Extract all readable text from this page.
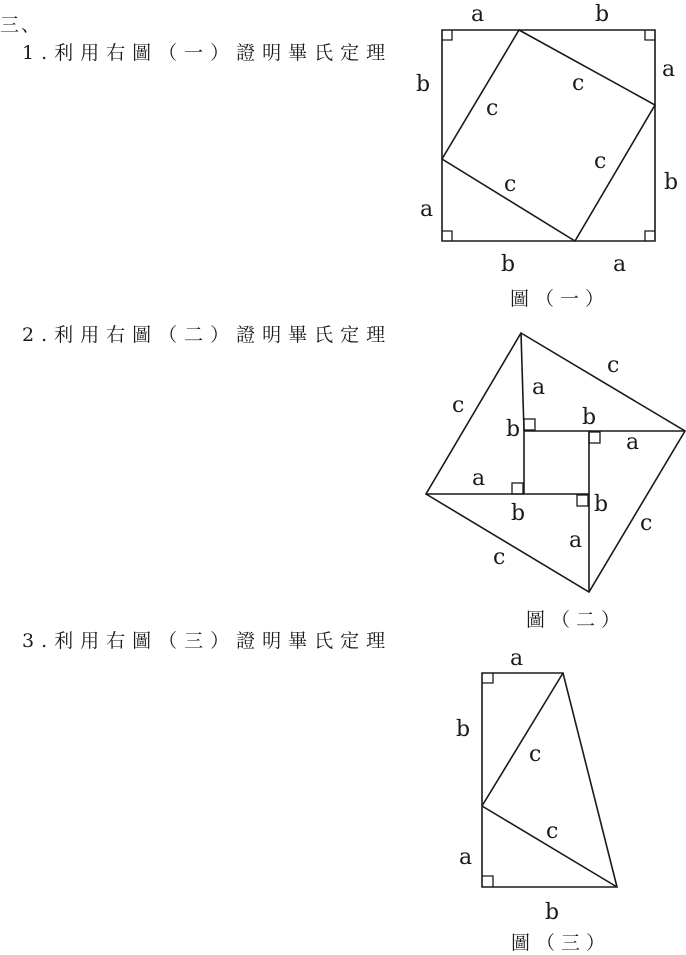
三、
1.利用右圖（一）證明畢氏定理
2.利用右圖（二）證明畢氏定理
3.利用右圖（三）證明畢氏定理
a	b
b
a
a
b
b	a
c
c
c
c
圖（一）
c
c
c
c
a
a
a
a
b	b
b
b
圖（二）
a
b
a
b
c
c
圖（三）
